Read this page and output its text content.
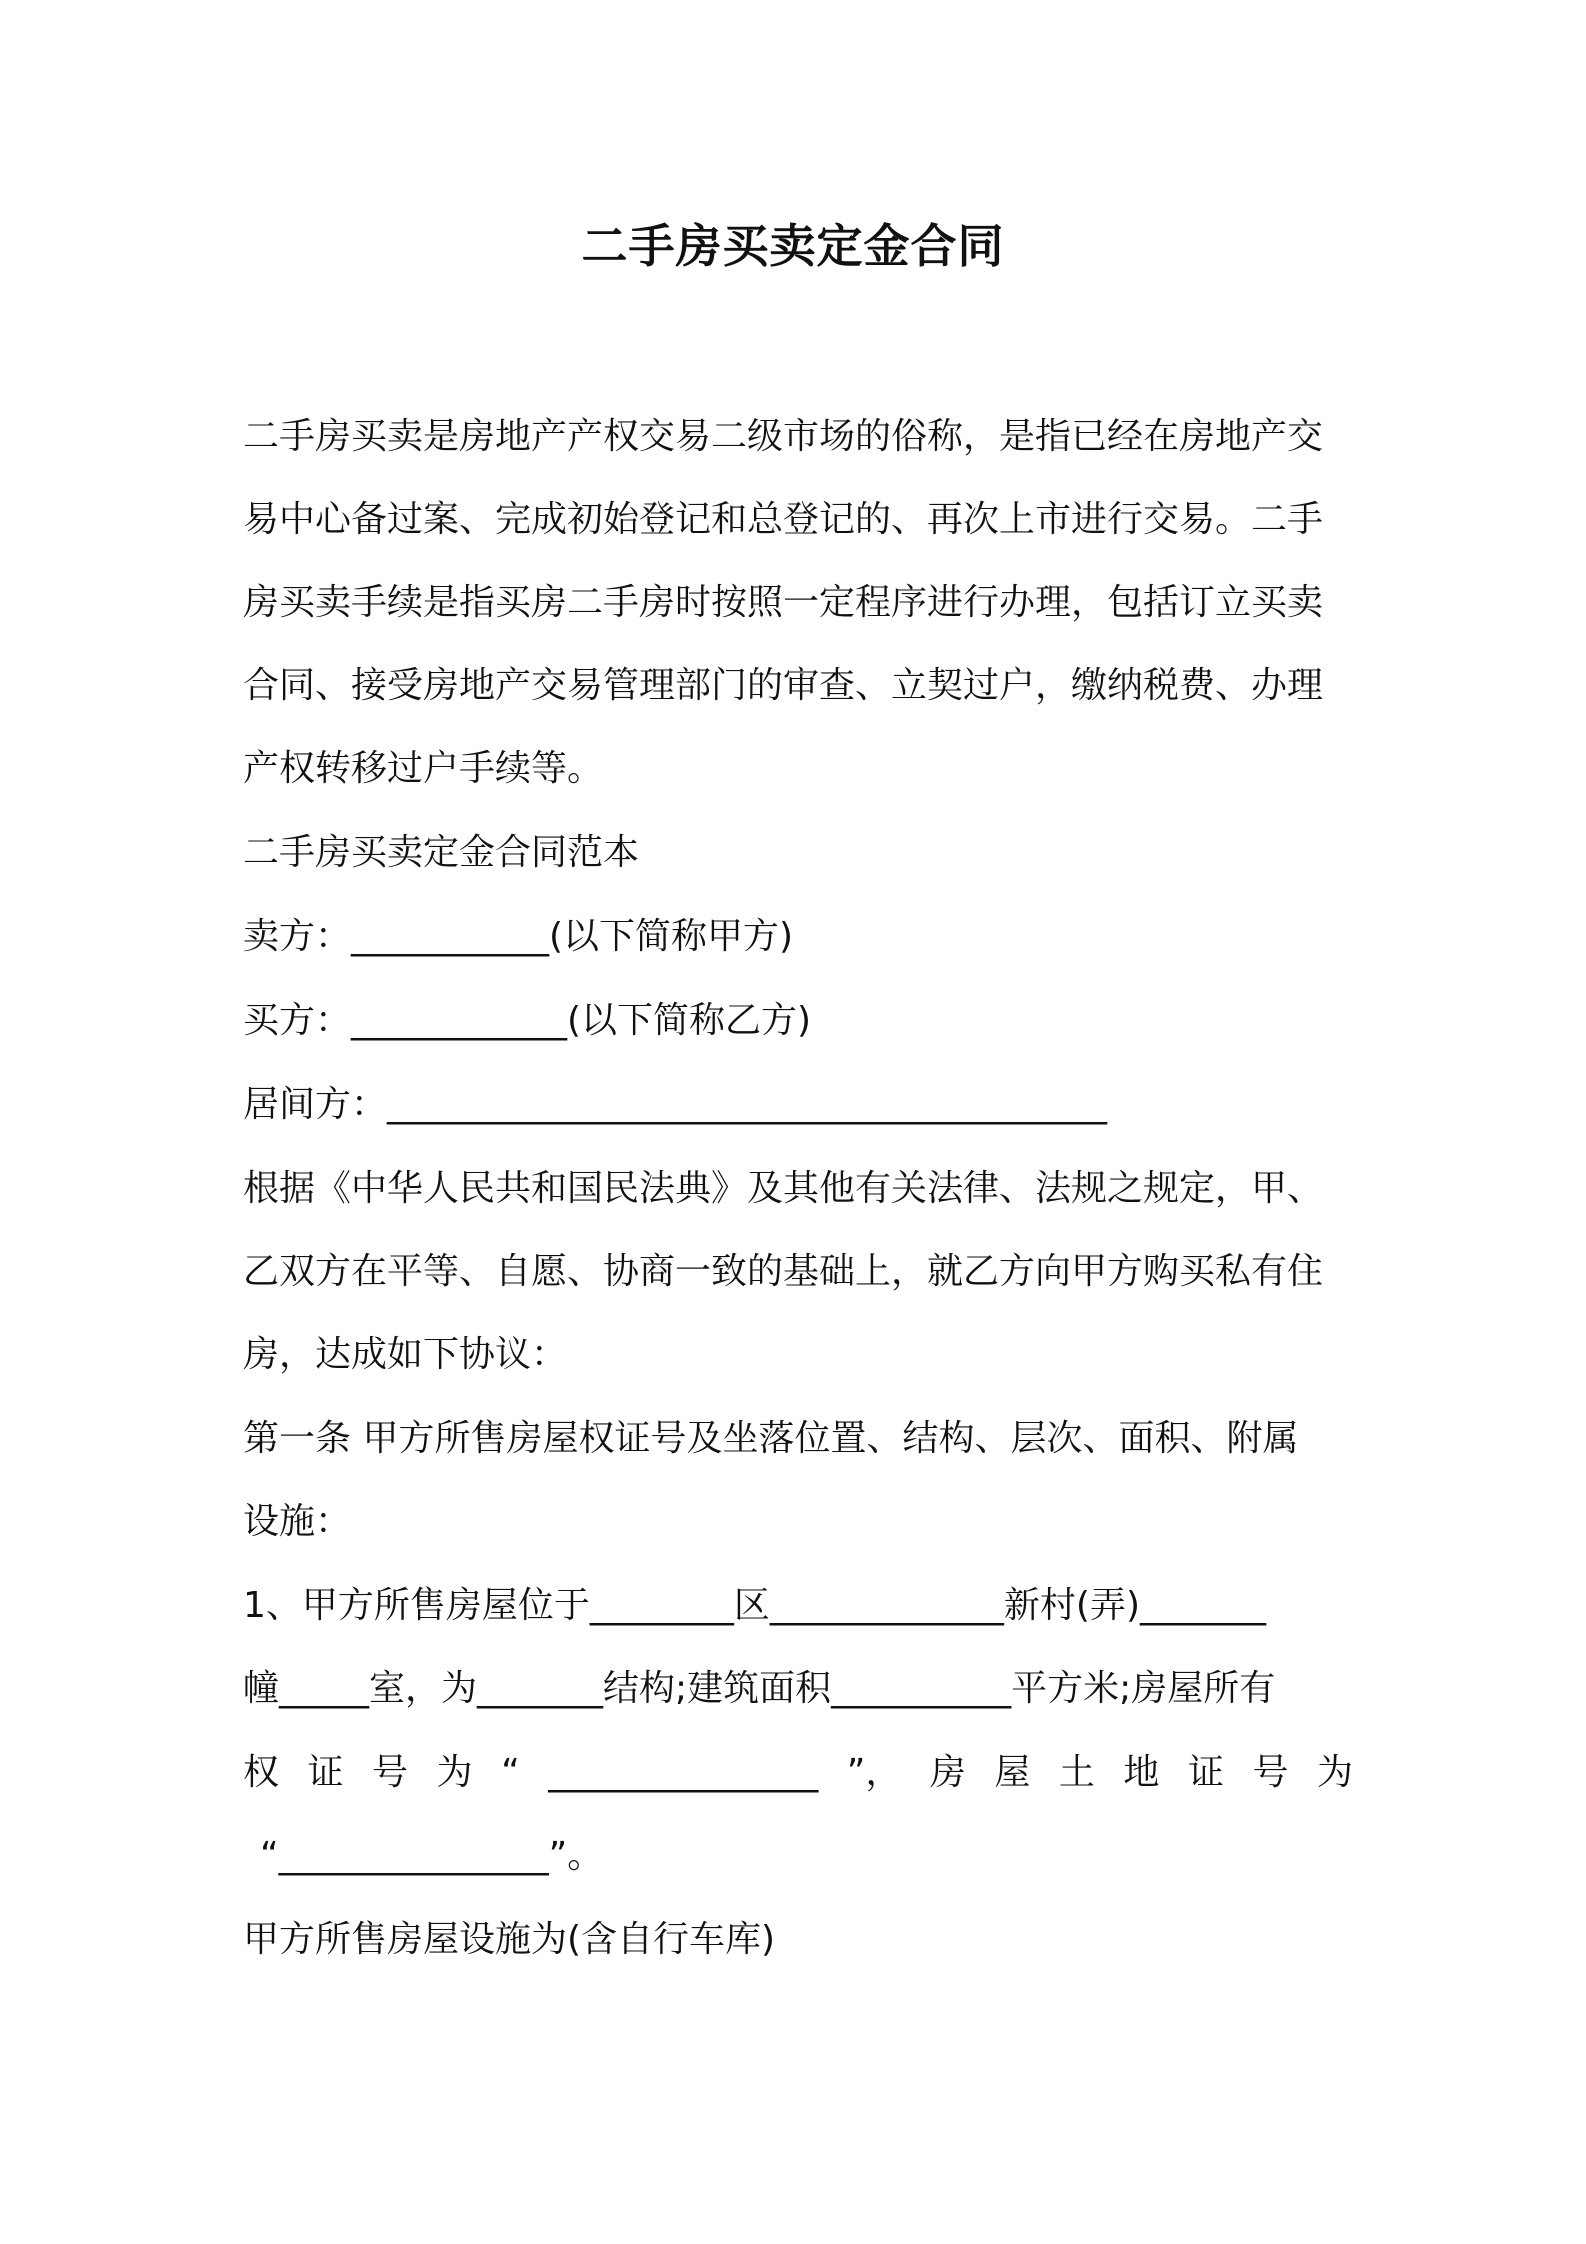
二手房买卖定金合同
二手房买卖是房地产产权交易二级市场的俗称，是指已经在房地产交
易中心备过案、完成初始登记和总登记的、再次上市进行交易。二手
房买卖手续是指买房二手房时按照一定程序进行办理，包括订立买卖
合同、接受房地产交易管理部门的审查、立契过户，缴纳税费、办理
产权转移过户手续等。
二手房买卖定金合同范本
卖方：___________(以下简称甲方)
买方：____________(以下简称乙方)
居间方：________________________________________
根据《中华人民共和国民法典》及其他有关法律、法规之规定，甲、
乙双方在平等、自愿、协商一致的基础上，就乙方向甲方购买私有住
房，达成如下协议：
第一条 甲方所售房屋权证号及坐落位置、结构、层次、面积、附属
设施：
1、甲方所售房屋位于________区_____________新村(弄)_______
幢_____室，为_______结构;建筑面积__________平方米;房屋所有
权 证 号 为 “ _______________ ”， 房 屋 土 地 证 号 为
“_______________”。
甲方所售房屋设施为(含自行车库)
